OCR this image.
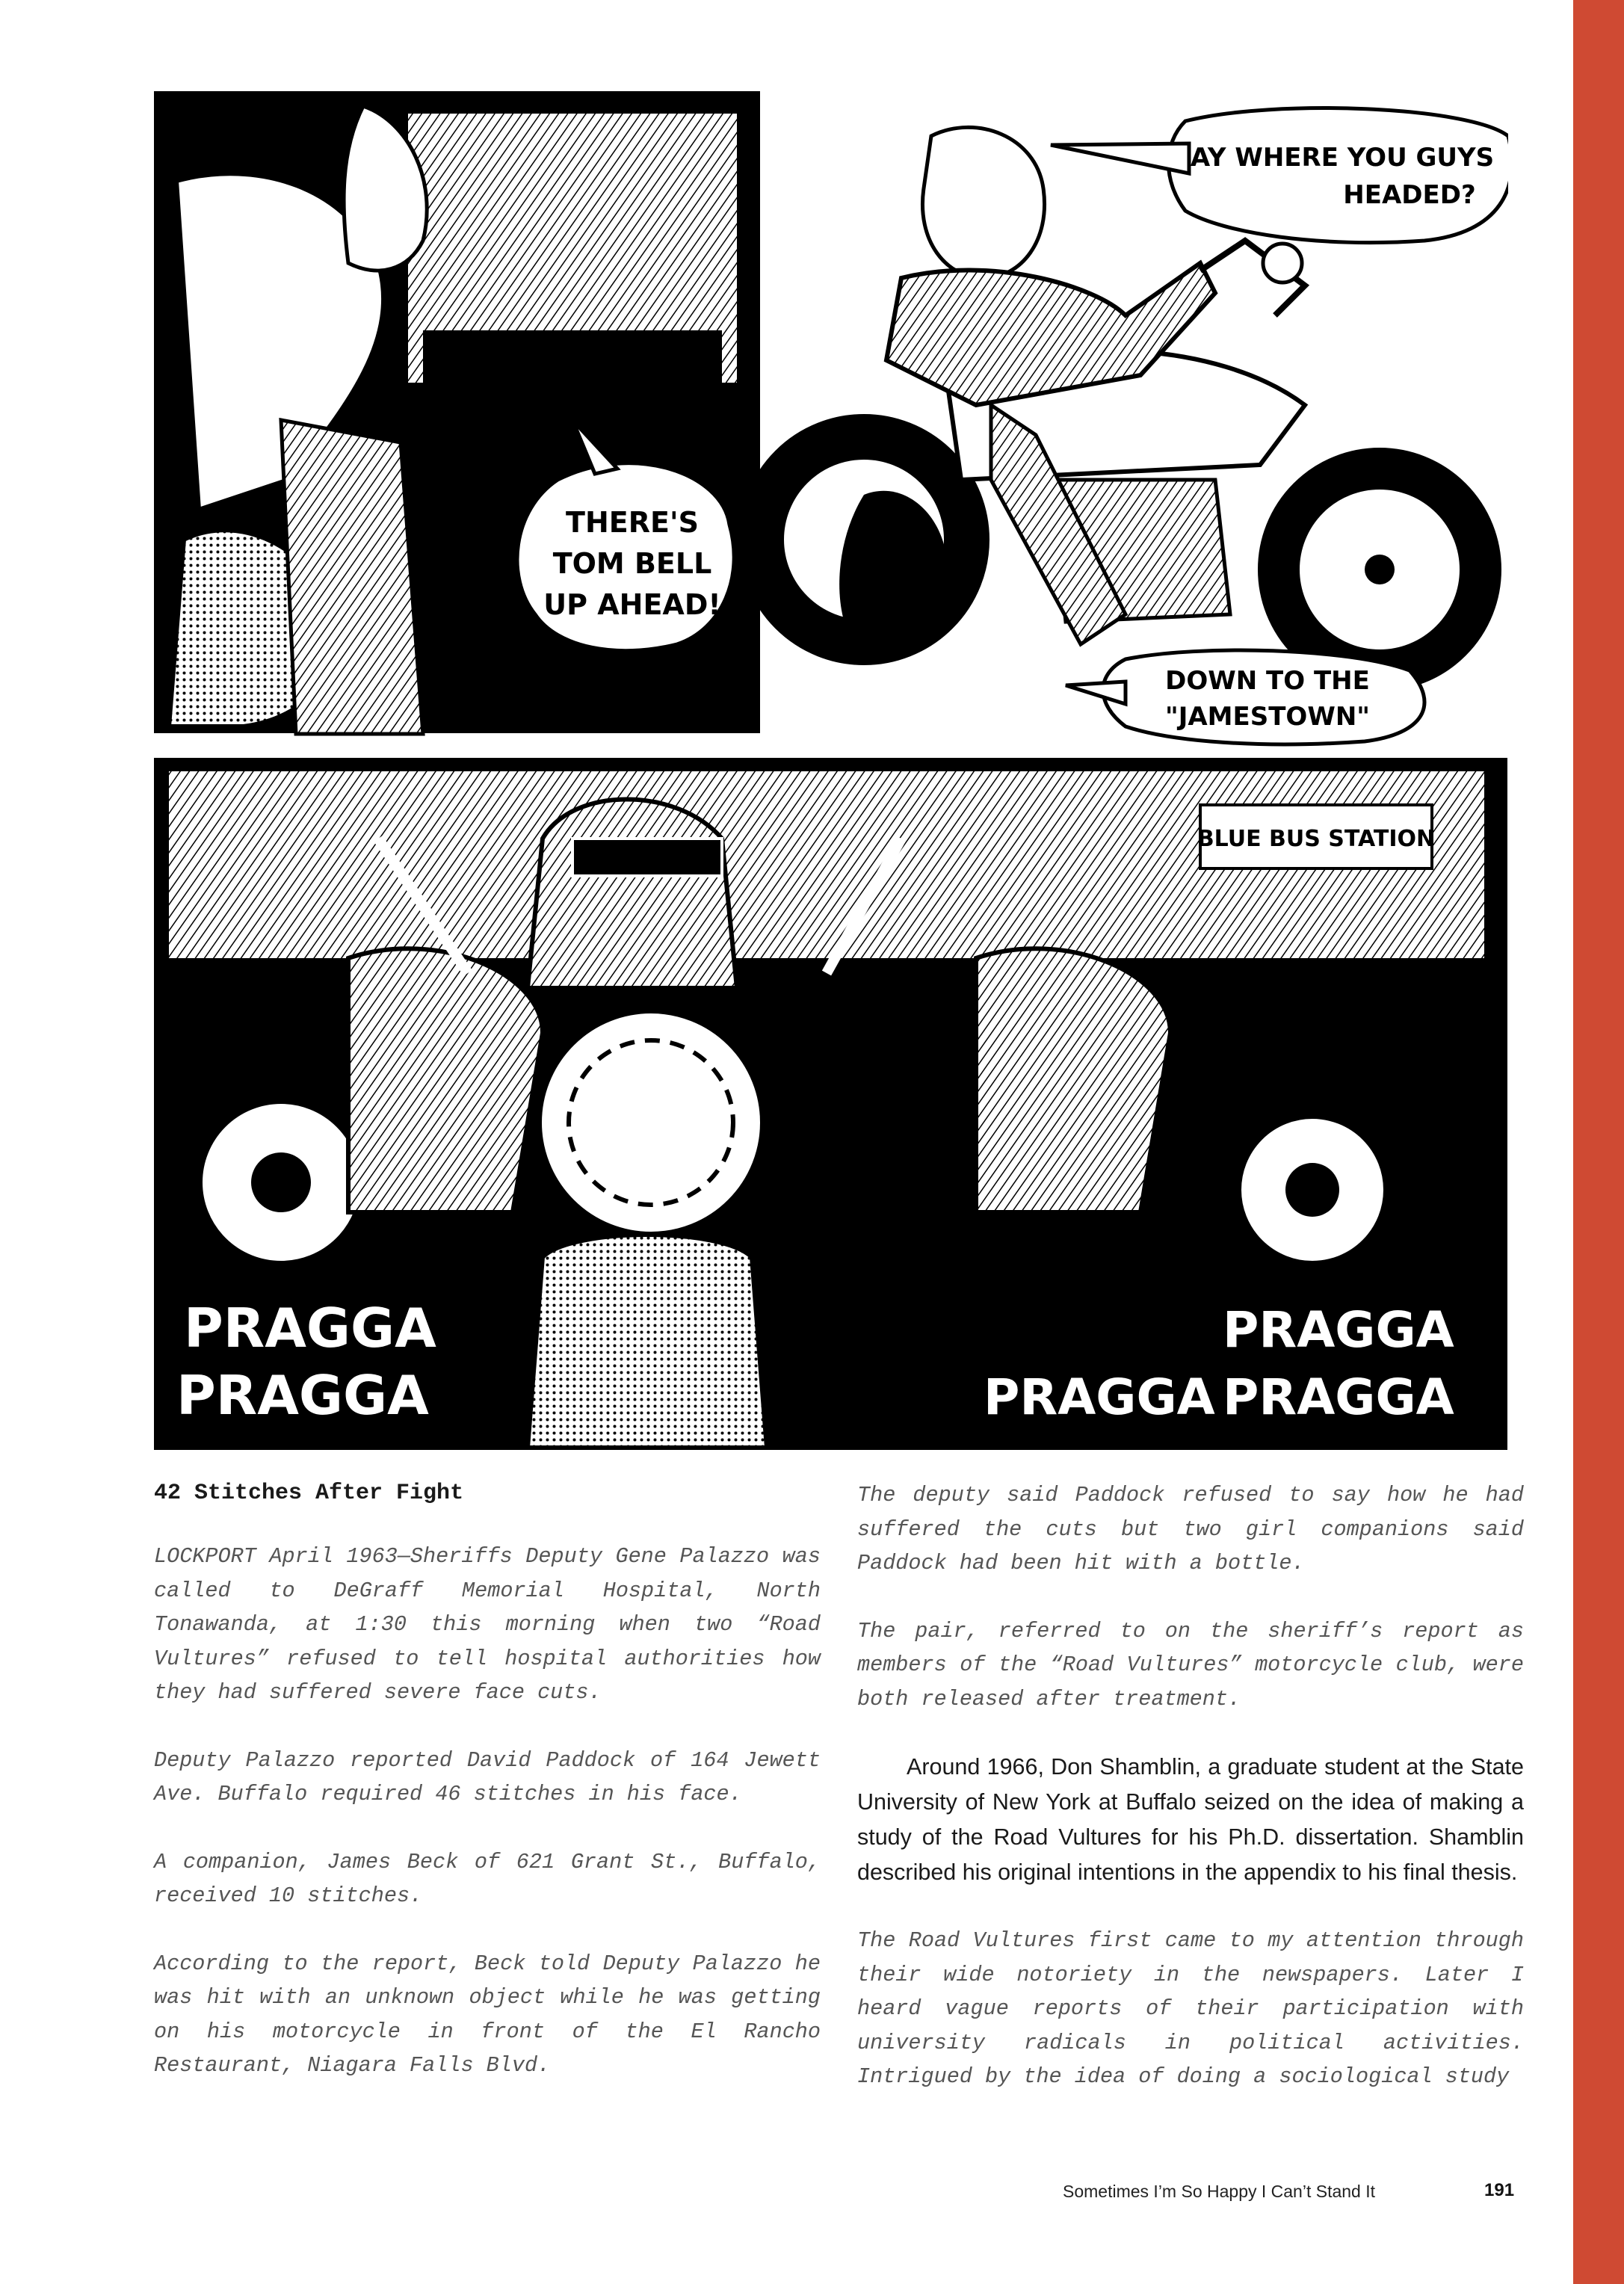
THERE'S
TOM BELL
UP AHEAD!
AY WHERE YOU GUYS
HEADED?
DOWN TO THE
"JAMESTOWN"
BLUE BUS STATION
PRAGGA
PRAGGA
PRAGGA
PRAGGA PRAGGA
42 Stitches After Fight

LOCKPORT April 1963—Sheriffs Deputy Gene Palazzo was called to DeGraff Memorial Hospital, North Tonawanda, at 1:30 this morning when two “Road Vultures” refused to tell hospital authorities how they had suffered severe face cuts.

Deputy Palazzo reported David Paddock of 164 Jewett Ave. Buffalo required 46 stitches in his face.

A companion, James Beck of 621 Grant St., Buffalo, received 10 stitches.

According to the report, Beck told Deputy Palazzo he was hit with an unknown object while he was getting on his motorcycle in front of the El Rancho Restaurant, Niagara Falls Blvd.

The deputy said Paddock refused to say how he had suffered the cuts but two girl companions said Paddock had been hit with a bottle.

The pair, referred to on the sheriff’s report as members of the “Road Vultures” motorcycle club, were both released after treatment.

Around 1966, Don Shamblin, a graduate student at the State University of New York at Buffalo seized on the idea of making a study of the Road Vultures for his Ph.D. dissertation. Shamblin described his original intentions in the appendix to his final thesis.

The Road Vultures first came to my attention through their wide notoriety in the newspapers. Later I heard vague reports of their participation with university radicals in political activities. Intrigued by the idea of doing a sociological study

Sometimes I’m So Happy I Can’t Stand It	191
